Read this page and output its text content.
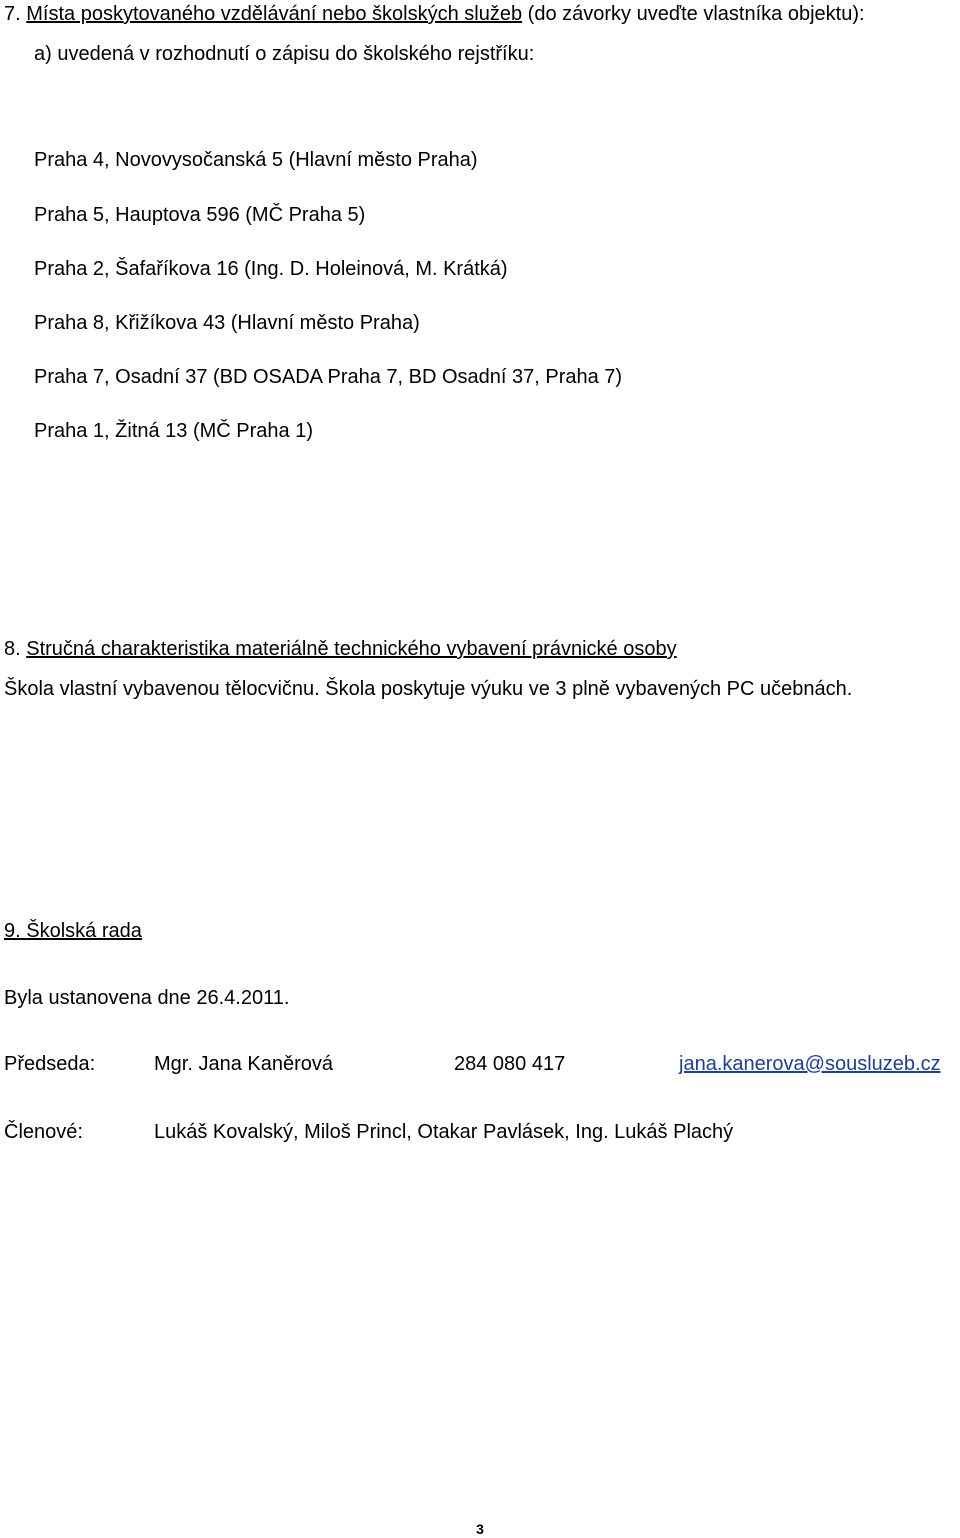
7. Místa poskytovaného vzdělávání nebo školských služeb (do závorky uveďte vlastníka objektu):
a) uvedená v rozhodnutí o zápisu do školského rejstříku:
Praha 4, Novovysočanská 5 (Hlavní město Praha)
Praha 5, Hauptova 596 (MČ Praha 5)
Praha 2, Šafaříkova 16 (Ing. D. Holeinová, M. Krátká)
Praha 8, Křižíkova 43 (Hlavní město Praha)
Praha 7, Osadní 37 (BD OSADA Praha 7, BD Osadní 37, Praha 7)
Praha 1, Žitná 13 (MČ Praha 1)
8. Stručná charakteristika materiálně technického vybavení právnické osoby
Škola vlastní vybavenou tělocvičnu. Škola poskytuje výuku ve 3 plně vybavených PC učebnách.
9. Školská rada
Byla ustanovena dne 26.4.2011.
Předseda:	Mgr. Jana Kaněrová	284 080 417	jana.kanerova@sousluzeb.cz
Členové:	Lukáš Kovalský, Miloš Princl, Otakar Pavlásek, Ing. Lukáš Plachý
3
